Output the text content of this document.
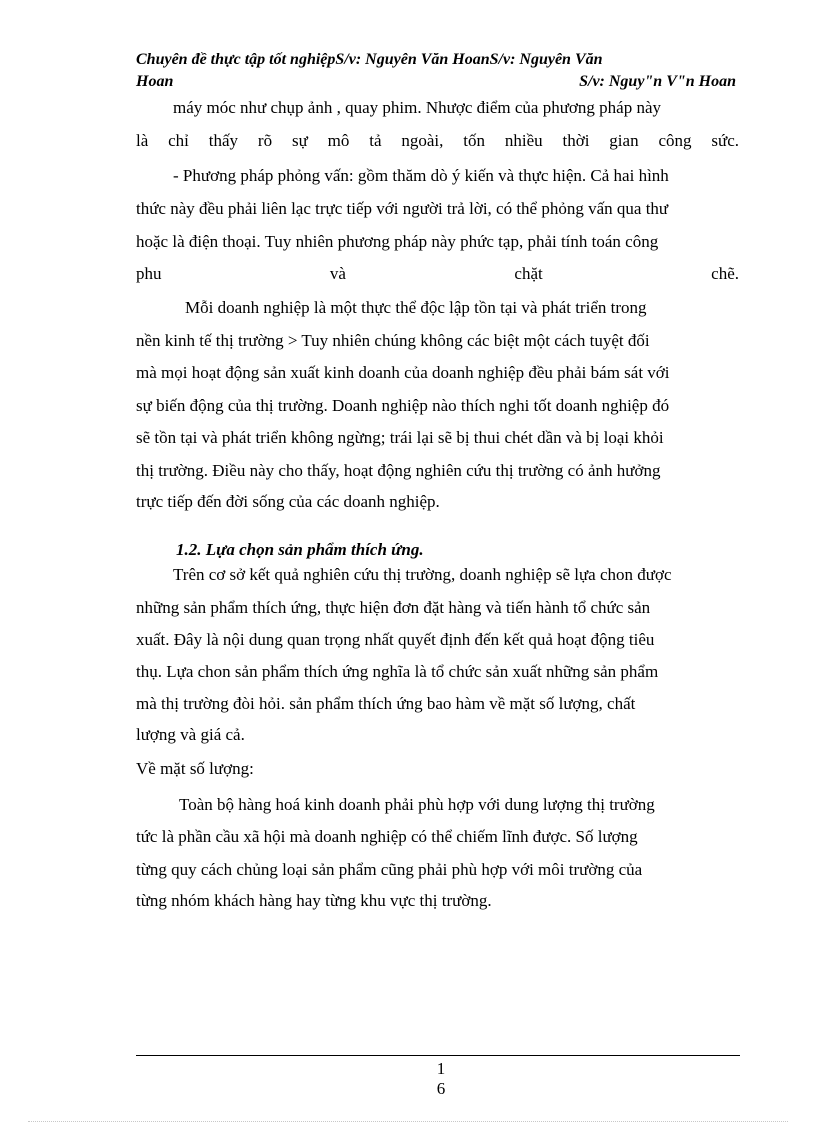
Chuyên đề thực tập tốt nghiệpS/v: Nguyên Văn HoanS/v: Nguyên Văn
Hoan	S/v: Nguy"n V"n Hoan
máy móc như chụp ảnh , quay phim. Nhược điểm của phương pháp này
là chỉ thấy rõ sự mô tả ngoài, tốn nhiều thời gian công sức.
- Phương pháp phỏng vấn: gồm thăm dò ý kiến và thực hiện. Cả hai hình
thức này đều phải liên lạc trực tiếp với người trả lời, có thể phỏng vấn qua thư
hoặc là điện thoại. Tuy nhiên phương pháp này phức tạp, phải tính toán công
phu và chặt chẽ.
Mỗi doanh nghiệp là một thực thể độc lập tồn tại và phát triển trong
nền kinh tế thị trường > Tuy nhiên chúng không các biệt một cách tuyệt đối
mà mọi hoạt động sản xuất kinh doanh của doanh nghiệp đều phải bám sát với
sự biến động của thị trường. Doanh nghiệp nào thích nghi tốt doanh nghiệp đó
sẽ tồn tại và phát triển không ngừng; trái lại sẽ bị thui chét dần và bị loại khỏi
thị trường. Điều này cho thấy, hoạt động nghiên cứu thị trường có ảnh hưởng
trực tiếp đến đời sống của các doanh nghiệp.
1.2. Lựa chọn sản phẩm thích ứng.
Trên cơ sở kết quả nghiên cứu thị trường, doanh nghiệp sẽ lựa chon được
những sản phẩm thích ứng, thực hiện đơn đặt hàng và tiến hành tổ chức sản
xuất. Đây là nội dung quan trọng nhất quyết định đến kết quả hoạt động tiêu
thụ. Lựa chon sản phẩm thích ứng nghĩa là tổ chức sản xuất những sản phẩm
mà thị trường đòi hỏi. sản phẩm thích ứng bao hàm về mặt số lượng, chất
lượng và giá cả.
Về mặt số lượng:
Toàn bộ hàng hoá kinh doanh phải phù hợp với dung lượng thị trường
tức là phần cầu xã hội mà doanh nghiệp có thể chiếm lĩnh được. Số lượng
từng quy cách chủng loại sản phẩm cũng phải phù hợp với môi trường của
từng nhóm khách hàng hay từng khu vực thị trường.
1
6
